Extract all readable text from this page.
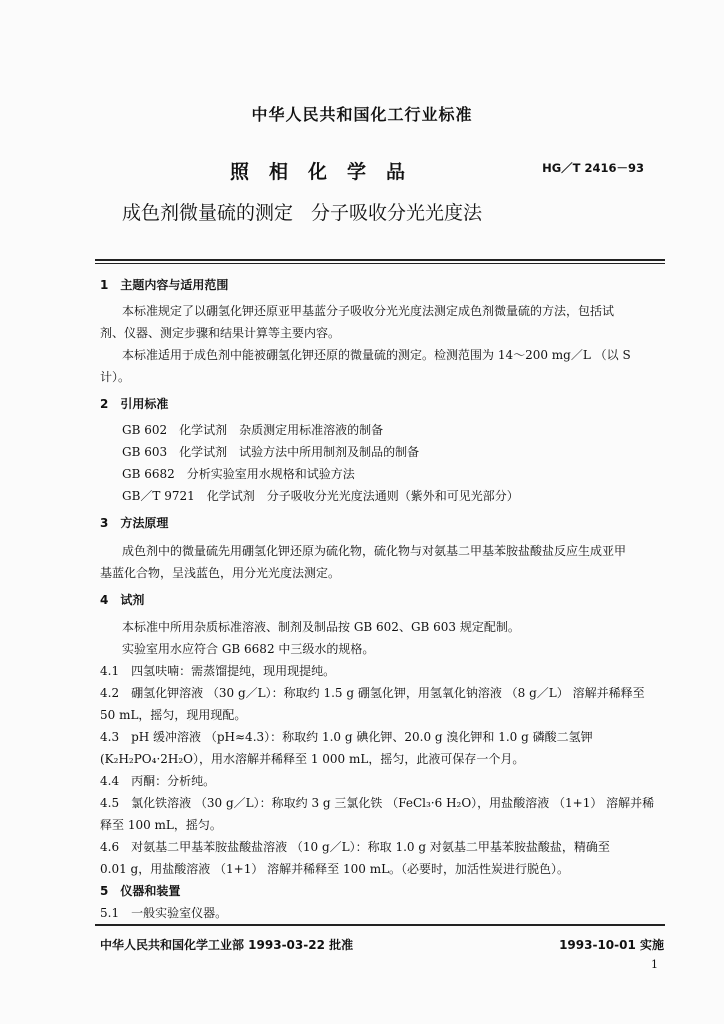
中华人民共和国化工行业标准
照相化学品	HG／T 2416－93
成色剂微量硫的测定 分子吸收分光光度法
1　主题内容与适用范围
本标准规定了以硼氢化钾还原亚甲基蓝分子吸收分光光度法测定成色剂微量硫的方法，包括试
剂、仪器、测定步骤和结果计算等主要内容。
本标准适用于成色剂中能被硼氢化钾还原的微量硫的测定。检测范围为 14～200 mg／L （以 S
计）。
2　引用标准
GB 602　化学试剂　杂质测定用标准溶液的制备
GB 603　化学试剂　试验方法中所用制剂及制品的制备
GB 6682　分析实验室用水规格和试验方法
GB／T 9721　化学试剂　分子吸收分光光度法通则（紫外和可见光部分）
3　方法原理
成色剂中的微量硫先用硼氢化钾还原为硫化物，硫化物与对氨基二甲基苯胺盐酸盐反应生成亚甲
基蓝化合物，呈浅蓝色，用分光光度法测定。
4　试剂
本标准中所用杂质标准溶液、制剂及制品按 GB 602、GB 603 规定配制。
实验室用水应符合 GB 6682 中三级水的规格。
4.1　四氢呋喃：需蒸馏提纯，现用现提纯。
4.2　硼氢化钾溶液 （30 g／L）：称取约 1.5 g 硼氢化钾，用氢氧化钠溶液 （8 g／L） 溶解并稀释至
50 mL，摇匀，现用现配。
4.3　pH 缓冲溶液 （pH≈4.3）：称取约 1.0 g 碘化钾、20.0 g 溴化钾和 1.0 g 磷酸二氢钾
(K₂H₂PO₄·2H₂O），用水溶解并稀释至 1 000 mL，摇匀，此液可保存一个月。
4.4　丙酮：分析纯。
4.5　氯化铁溶液 （30 g／L）：称取约 3 g 三氯化铁 （FeCl₃·6 H₂O），用盐酸溶液 （1+1） 溶解并稀
释至 100 mL，摇匀。
4.6　对氨基二甲基苯胺盐酸盐溶液 （10 g／L）：称取 1.0 g 对氨基二甲基苯胺盐酸盐，精确至
0.01 g，用盐酸溶液 （1+1） 溶解并稀释至 100 mL。（必要时，加活性炭进行脱色）。
5　仪器和装置
5.1　一般实验室仪器。
中华人民共和国化学工业部 1993-03-22 批准	1993-10-01 实施
1
